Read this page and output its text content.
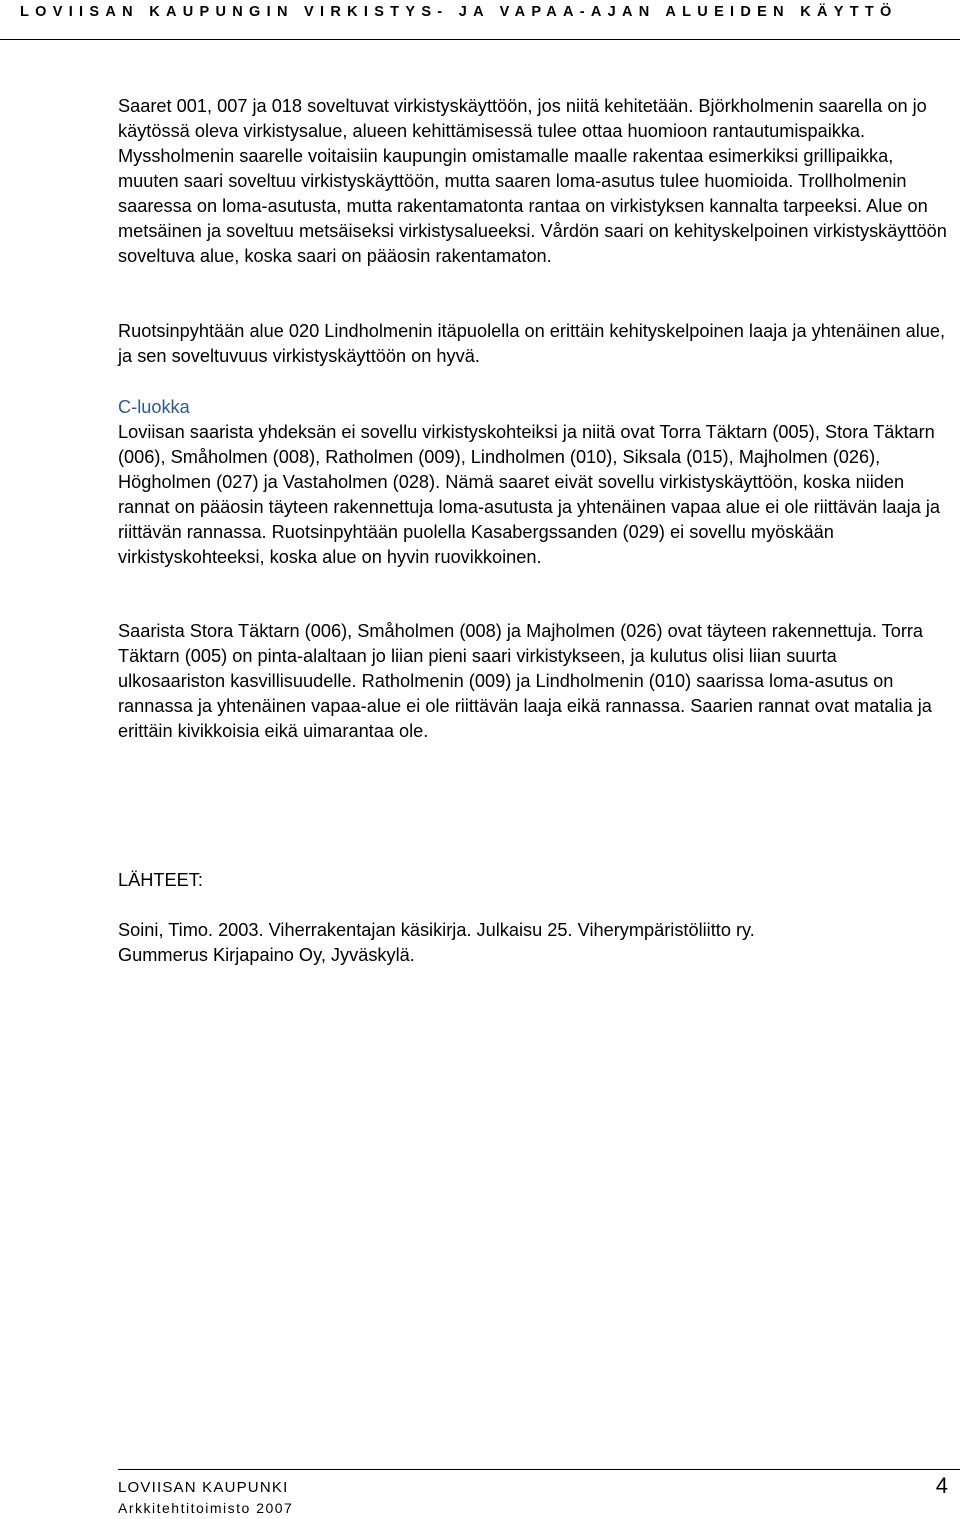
LOVIISAN KAUPUNGIN VIRKISTYS- JA VAPAA-AJAN ALUEIDEN KÄYTTÖ

Saaret 001, 007 ja 018 soveltuvat virkistyskäyttöön, jos niitä kehitetään. Björkholmenin saarella on jo käytössä oleva virkistysalue, alueen kehittämisessä tulee ottaa huomioon rantautumispaikka. Myssholmenin saarelle voitaisiin kaupungin omistamalle maalle rakentaa esimerkiksi grillipaikka, muuten saari soveltuu virkistyskäyttöön, mutta saaren loma-asutus tulee huomioida. Trollholmenin saaressa on loma-asutusta, mutta rakentamatonta rantaa on virkistyksen kannalta tarpeeksi. Alue on metsäinen ja soveltuu metsäiseksi virkistysalueeksi. Vårdön saari on kehityskelpoinen virkistyskäyttöön soveltuva alue, koska saari on pääosin rakentamaton.

Ruotsinpyhtään alue 020 Lindholmenin itäpuolella on erittäin kehityskelpoinen laaja ja yhtenäinen alue, ja sen soveltuvuus virkistyskäyttöön on hyvä.

C-luokka

Loviisan saarista yhdeksän ei sovellu virkistyskohteiksi ja niitä ovat Torra Täktarn (005), Stora Täktarn (006), Småholmen (008), Ratholmen (009), Lindholmen (010), Siksala (015), Majholmen (026), Högholmen (027) ja Vastaholmen (028). Nämä saaret eivät sovellu virkistyskäyttöön, koska niiden rannat on pääosin täyteen rakennettuja loma-asutusta ja yhtenäinen vapaa alue ei ole riittävän laaja ja riittävän rannassa. Ruotsinpyhtään puolella Kasabergssanden (029) ei sovellu myöskään virkistyskohteeksi, koska alue on hyvin ruovikkoinen.

Saarista Stora Täktarn (006), Småholmen (008) ja Majholmen (026) ovat täyteen rakennettuja. Torra Täktarn (005) on pinta-alaltaan jo liian pieni saari virkistykseen, ja kulutus olisi liian suurta ulkosaariston kasvillisuudelle. Ratholmenin (009) ja Lindholmenin (010) saarissa loma-asutus on rannassa ja yhtenäinen vapaa-alue ei ole riittävän laaja eikä rannassa. Saarien rannat ovat matalia ja erittäin kivikkoisia eikä uimarantaa ole.

LÄHTEET:

Soini, Timo. 2003. Viherrakentajan käsikirja. Julkaisu 25. Viherympäristöliitto ry.

Gummerus Kirjapaino Oy, Jyväskylä.

LOVIISAN KAUPUNKI
Arkkitehtitoimisto 2007
4
